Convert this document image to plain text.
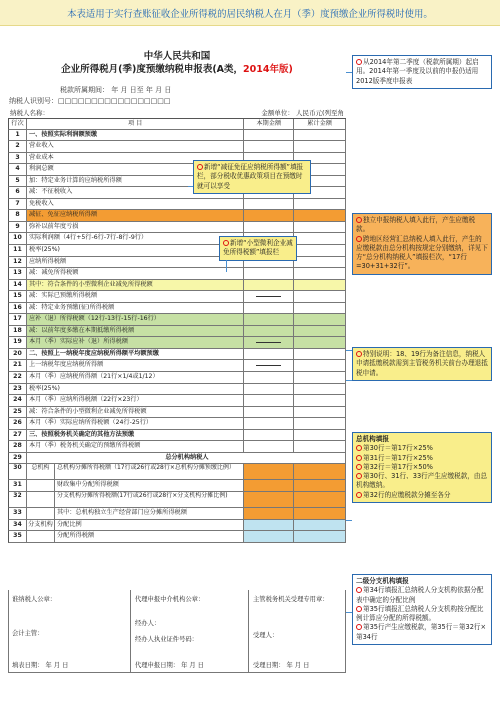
本表适用于实行查账征收企业所得税的居民纳税人在月（季）度预缴企业所得税时使用。
中华人民共和国
企业所得税月(季)度预缴纳税申报表(A类，2014年版)
税款所属期间： 年 月 日至 年 月 日
纳税人识别号：□□□□□□□□□□□□□□□□□
纳税人名称：	金额单位： 人民币元(列至角
行次	项 目	本期金额	累计金额
1	一、按照实际利润额预缴
2	营业收入
3	营业成本
4	利润总额
5	加：特定业务计算的应纳税所得额
6	减：不征税收入
7	免税收入
8	减征、免征应纳税所得额
9	弥补以前年度亏损
10	实际利润额（4行+5行-6行-7行-8行-9行）
11	税率(25%)
12	应纳所得税额
13	减：减免所得税额
14	其中：符合条件的小型微利企业减免所得税额
15	减：实际已预缴所得税额
16	减：特定业务预缴(征)所得税额
17	应补（退）所得税额（12行-13行-15行-16行）
18	减：以前年度多缴在本期抵缴所得税额
19	本月（季）实际应补（退）所得税额
20	二、按照上一纳税年度应纳税所得额平均额预缴
21	上一纳税年度应纳税所得额
22	本月（季）应纳税所得额（21行×1/4或1/12）
23	税率(25%)
24	本月（季）应纳所得税额（22行×23行）
25	减：符合条件的小型微利企业减免所得税额
26	本月（季）实际应纳所得税额（24行-25行）
27	三、按照税务机关确定的其他方法预缴
28	本月（季）税务机关确定的预缴所得税额
29	总分机构纳税人
30	总机构	总机构分摊所得税额（17行或26行或28行×总机构分摊预缴比例）
31	财政集中分配所得税额
32	分支机构分摊所得税额(17行或26行或28行×分支机构分摊比例)
33	其中：总机构独立生产经营部门应分摊所得税额
34	分支机构 分配比例
35	分配所得税额
谁纳税人公章：
会计主管：
填表日期： 年 月 日
代理申报中介机构公章：
经办人：
经办人执业证件号码：
代理申报日期： 年 月 日
主管税务机关受理专用章：
受理人：
受理日期： 年 月 日
从2014年第二季度（税款所属期）起启用。2014年第一季度及以前的申报仍适用2012版季度申报表
新增“减征免征应纳税所得额”填报栏，部分税收优惠政策项目在预缴时就可以享受
新增“小型微利企业减免所得税额”填报栏
独立申报纳税人填入此行，产生应缴税款。
跨地区经营汇总纳税人填入此行，产生的应缴税款由总分机构按规定分别缴纳，详见下方“总分机构纳税人”填报栏次，“17行=30+31+32行”。
特别说明：18、19行为备注信息，纳税人申请抵缴税款需到主管税务机关前台办理退抵税申请。
总机构填报
第30行＝第17行×25%
第31行＝第17行×25%
第32行＝第17行×50%
第30行、31行、33行产生应缴税款，由总机构缴纳。
第32行的应缴税款分摊至各分
二级分支机构填报
第34行填报汇总纳税人分支机构依据分配表中确定的分配比例
第35行填报汇总纳税人分支机构按分配比例计算应分配的所得税额。
第35行产生应缴税款，第35行＝第32行×第34行
